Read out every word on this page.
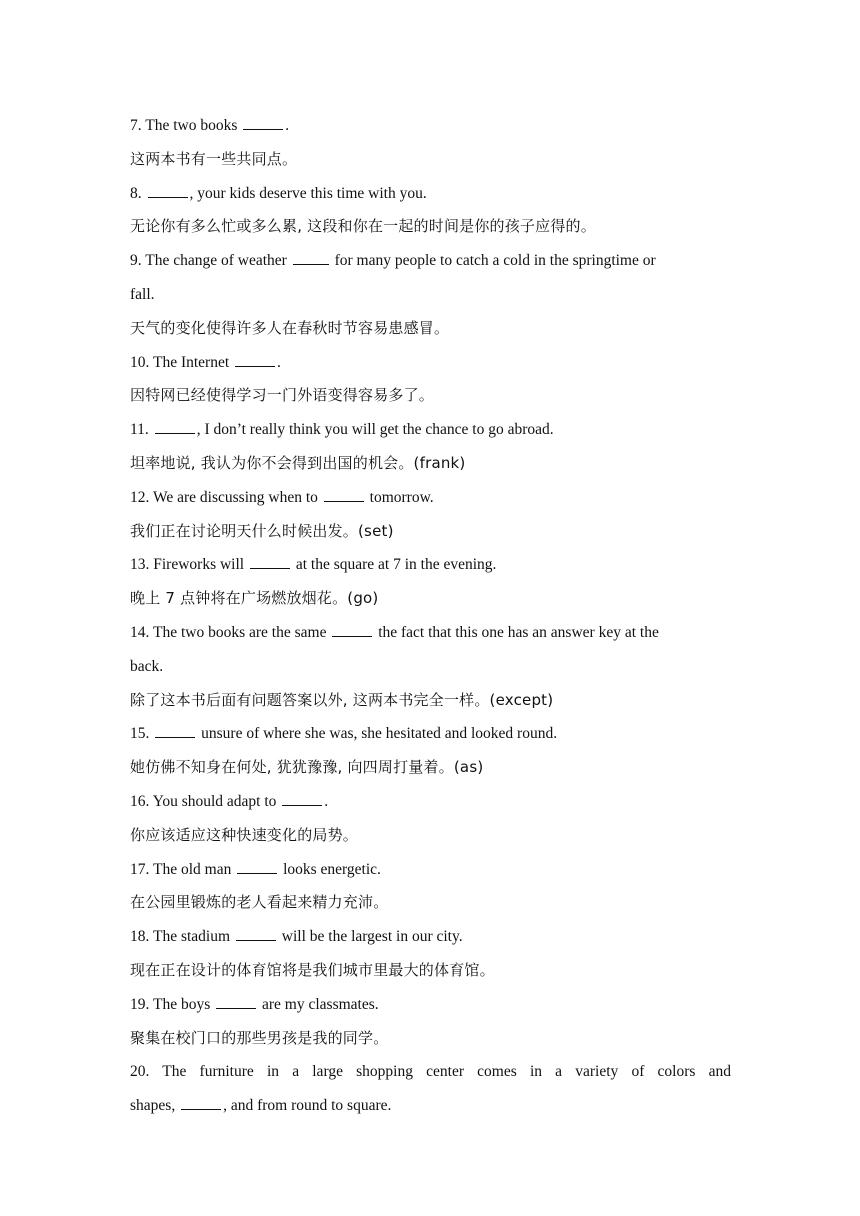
7. The two books	.
这两本书有一些共同点。
8.	, your kids deserve this time with you.
无论你有多么忙或多么累, 这段和你在一起的时间是你的孩子应得的。
9. The change of weather	for many people to catch a cold in the springtime or
fall.
天气的变化使得许多人在春秋时节容易患感冒。
10. The Internet	.
因特网已经使得学习一门外语变得容易多了。
11.	, I don’t really think you will get the chance to go abroad.
坦率地说, 我认为你不会得到出国的机会。(frank)
12. We are discussing when to	tomorrow.
我们正在讨论明天什么时候出发。(set)
13. Fireworks will	at the square at 7 in the evening.
晚上 7 点钟将在广场燃放烟花。(go)
14. The two books are the same	the fact that this one has an answer key at the
back.
除了这本书后面有问题答案以外, 这两本书完全一样。(except)
15.	unsure of where she was, she hesitated and looked round.
她仿佛不知身在何处, 犹犹豫豫, 向四周打量着。(as)
16. You should adapt to	.
你应该适应这种快速变化的局势。
17. The old man	looks energetic.
在公园里锻炼的老人看起来精力充沛。
18. The stadium	will be the largest in our city.
现在正在设计的体育馆将是我们城市里最大的体育馆。
19. The boys	are my classmates.
聚集在校门口的那些男孩是我的同学。
20. The furniture in a large shopping center comes in a variety of colors and
shapes,	, and from round to square.
